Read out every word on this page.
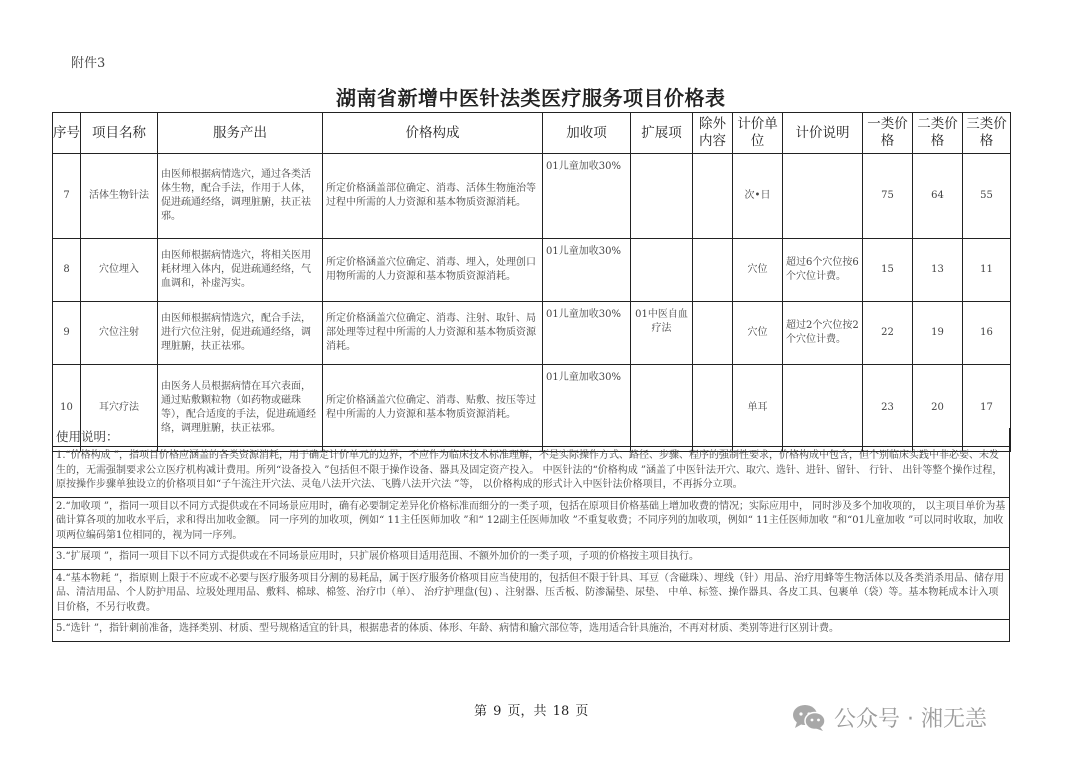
附件3
湖南省新增中医针法类医疗服务项目价格表
序号	项目名称	服务产出	价格构成	加收项	扩展项	除外内容	计价单位	计价说明	一类价格	二类价格	三类价格
7	活体生物针法	由医师根据病情选穴，通过各类活体生物，配合手法，作用于人体，促进疏通经络，调理脏腑，扶正祛邪。	所定价格涵盖部位确定、消毒、活体生物施治等过程中所需的人力资源和基本物质资源消耗。	01儿童加收30%			次•日		75	64	55
8	穴位埋入	由医师根据病情选穴，将相关医用耗材埋入体内，促进疏通经络，气血调和，补虚泻实。	所定价格涵盖穴位确定、消毒、埋入，处理创口用物所需的人力资源和基本物质资源消耗。	01儿童加收30%			穴位	超过6个穴位按6个穴位计费。	15	13	11
9	穴位注射	由医师根据病情选穴，配合手法，进行穴位注射，促进疏通经络，调理脏腑，扶正祛邪。	所定价格涵盖穴位确定、消毒、注射、取针、局部处理等过程中所需的人力资源和基本物质资源消耗。	01儿童加收30%	01中医自血疗法		穴位	超过2个穴位按2个穴位计费。	22	19	16
10	耳穴疗法	由医务人员根据病情在耳穴表面，通过贴敷颗粒物（如药物或磁珠等），配合适度的手法，促进疏通经络，调理脏腑，扶正祛邪。	所定价格涵盖穴位确定、消毒、贴敷、按压等过程中所需的人力资源和基本物质资源消耗。	01儿童加收30%			单耳		23	20	17
使用说明：
1.“价格构成 ”，指项目价格应涵盖的各类资源消耗，用于确定计价单元的边界，不应作为临床技术标准理解，不是实际操作方式、路径、步骤、程序的强制性要求，价格构成中包含，但个别临床实践中非必要、未发生的，无需强制要求公立医疗机构减计费用。所列“设备投入 ”包括但不限于操作设备、器具及固定资产投入。 中医针法的“价格构成 ”涵盖了中医针法开穴、取穴、选针、进针、留针、 行针、 出针等整个操作过程，原按操作步骤单独设立的价格项目如“子午流注开穴法、灵龟八法开穴法、飞腾八法开穴法 ”等， 以价格构成的形式计入中医针法价格项目，不再拆分立项。
2.“加收项 ”，指同一项目以不同方式提供或在不同场景应用时，确有必要制定差异化价格标准而细分的一类子项，包括在原项目价格基础上增加收费的情况；实际应用中， 同时涉及多个加收项的， 以主项目单价为基础计算各项的加收水平后，求和得出加收金额。 同一序列的加收项，例如“ 11主任医师加收 ”和“ 12副主任医师加收 ”不重复收费；不同序列的加收项，例如“ 11主任医师加收 ”和“01儿童加收 ”可以同时收取，加收项两位编码第1位相同的，视为同一序列。
3.“扩展项 ”，指同一项目下以不同方式提供或在不同场景应用时，只扩展价格项目适用范围、不额外加价的一类子项，子项的价格按主项目执行。
4.“基本物耗 ”，指原则上限于不应或不必要与医疗服务项目分割的易耗品，属于医疗服务价格项目应当使用的，包括但不限于针具、耳豆（含磁珠）、埋线（针）用品、治疗用蜂等生物活体以及各类消杀用品、储存用品、清洁用品、个人防护用品、垃圾处理用品、敷料、棉球、棉签、治疗巾（单）、 治疗护理盘(包) 、注射器、压舌板、防渗漏垫、尿垫、 中单、标签、操作器具、各皮工具、包裹单（袋）等。基本物耗成本计入项目价格，不另行收费。
5.“选针 ”，指针刺前准备，选择类别、材质、型号规格适宜的针具，根据患者的体质、体形、年龄、病情和腧穴部位等，选用适合针具施治，不再对材质、类别等进行区别计费。
第 9 页，共 18 页	公众号 · 湘无恙
